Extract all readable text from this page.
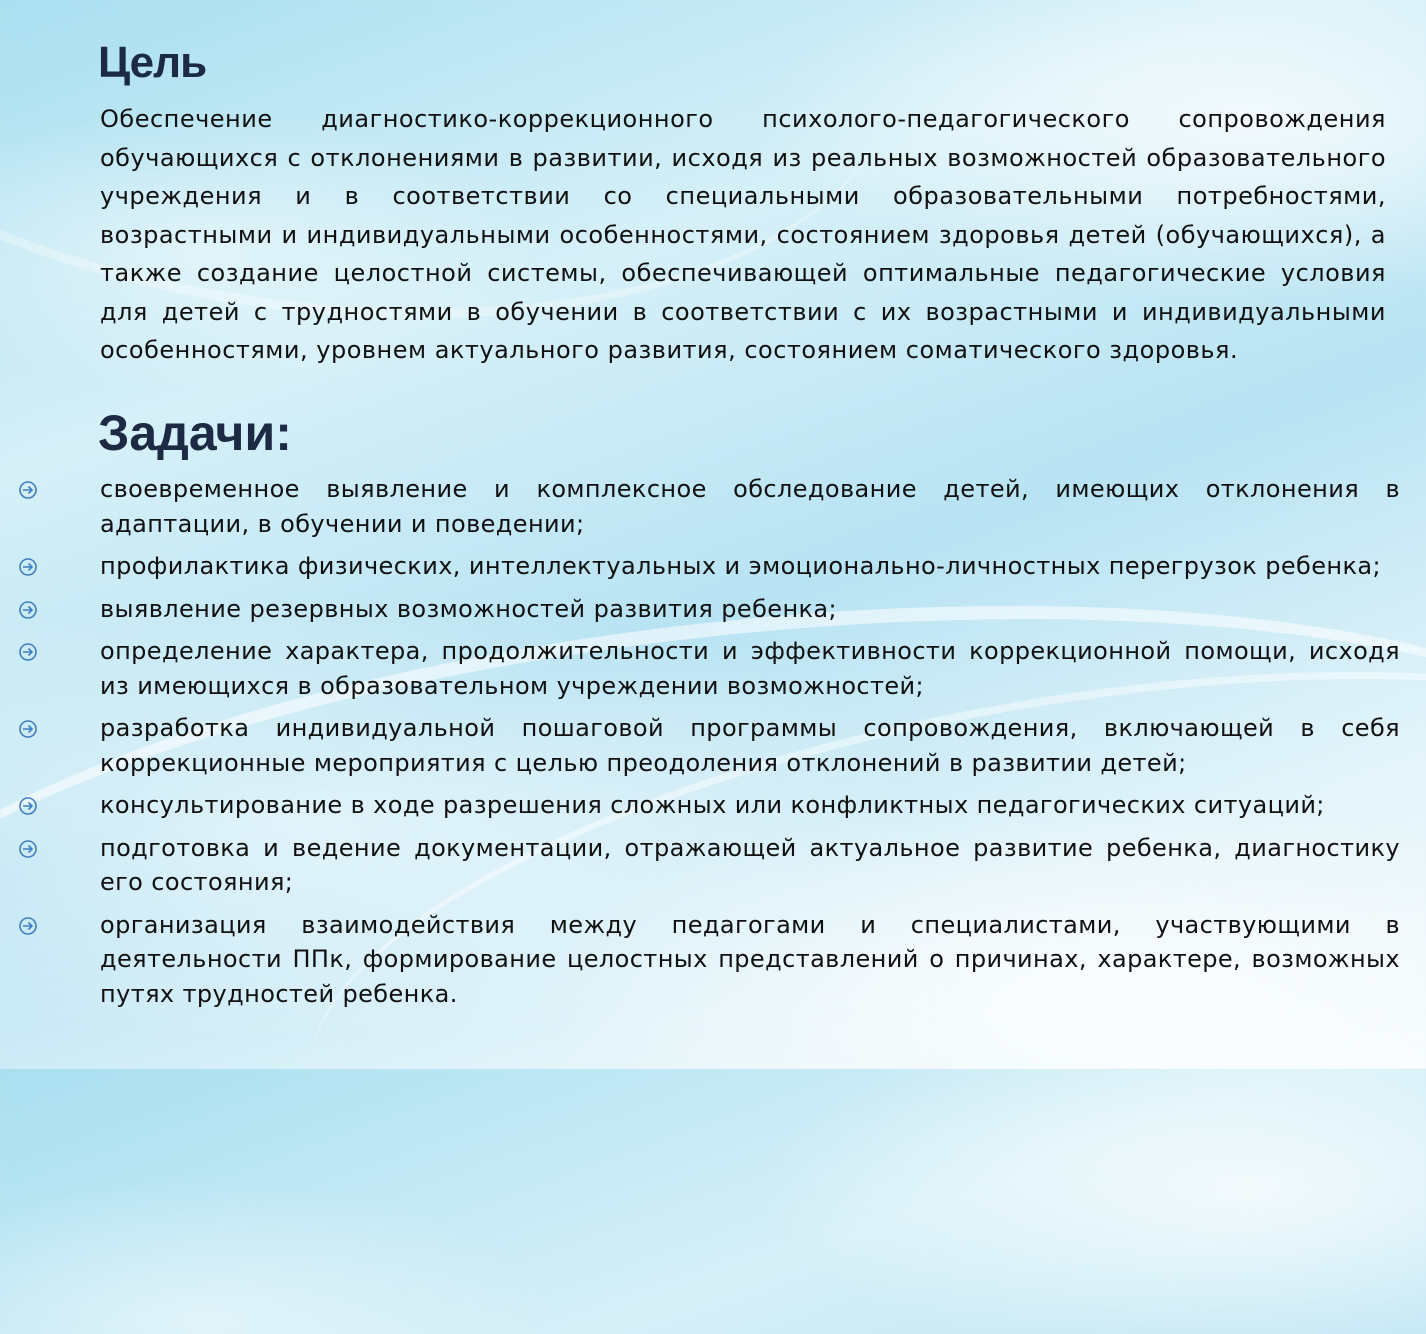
Цель

Обеспечение диагностико-коррекционного психолого-педагогического сопровождения обучающихся с отклонениями в развитии, исходя из реальных возможностей образовательного учреждения и в соответствии со специальными образовательными потребностями, возрастными и индивидуальными особенностями, состоянием здоровья детей (обучающихся), а также создание целостной системы, обеспечивающей оптимальные педагогические условия для детей с трудностями в обучении в соответствии с их возрастными и индивидуальными особенностями, уровнем актуального развития, состоянием соматического здоровья.

Задачи:
своевременное выявление и комплексное обследование детей, имеющих отклонения в адаптации, в обучении и поведении;
профилактика физических, интеллектуальных и эмоционально-личностных перегрузок ребенка;
выявление резервных возможностей развития ребенка;
определение характера, продолжительности и эффективности коррекционной помощи, исходя из имеющихся в образовательном учреждении возможностей;
разработка индивидуальной пошаговой программы сопровождения, включающей в себя коррекционные мероприятия с целью преодоления отклонений в развитии детей;
консультирование в ходе разрешения сложных или конфликтных педагогических ситуаций;
подготовка и ведение документации, отражающей актуальное развитие ребенка, диагностику его состояния;
организация взаимодействия между педагогами и специалистами, участвующими в деятельности ППк, формирование целостных представлений о причинах, характере, возможных путях трудностей ребенка.
